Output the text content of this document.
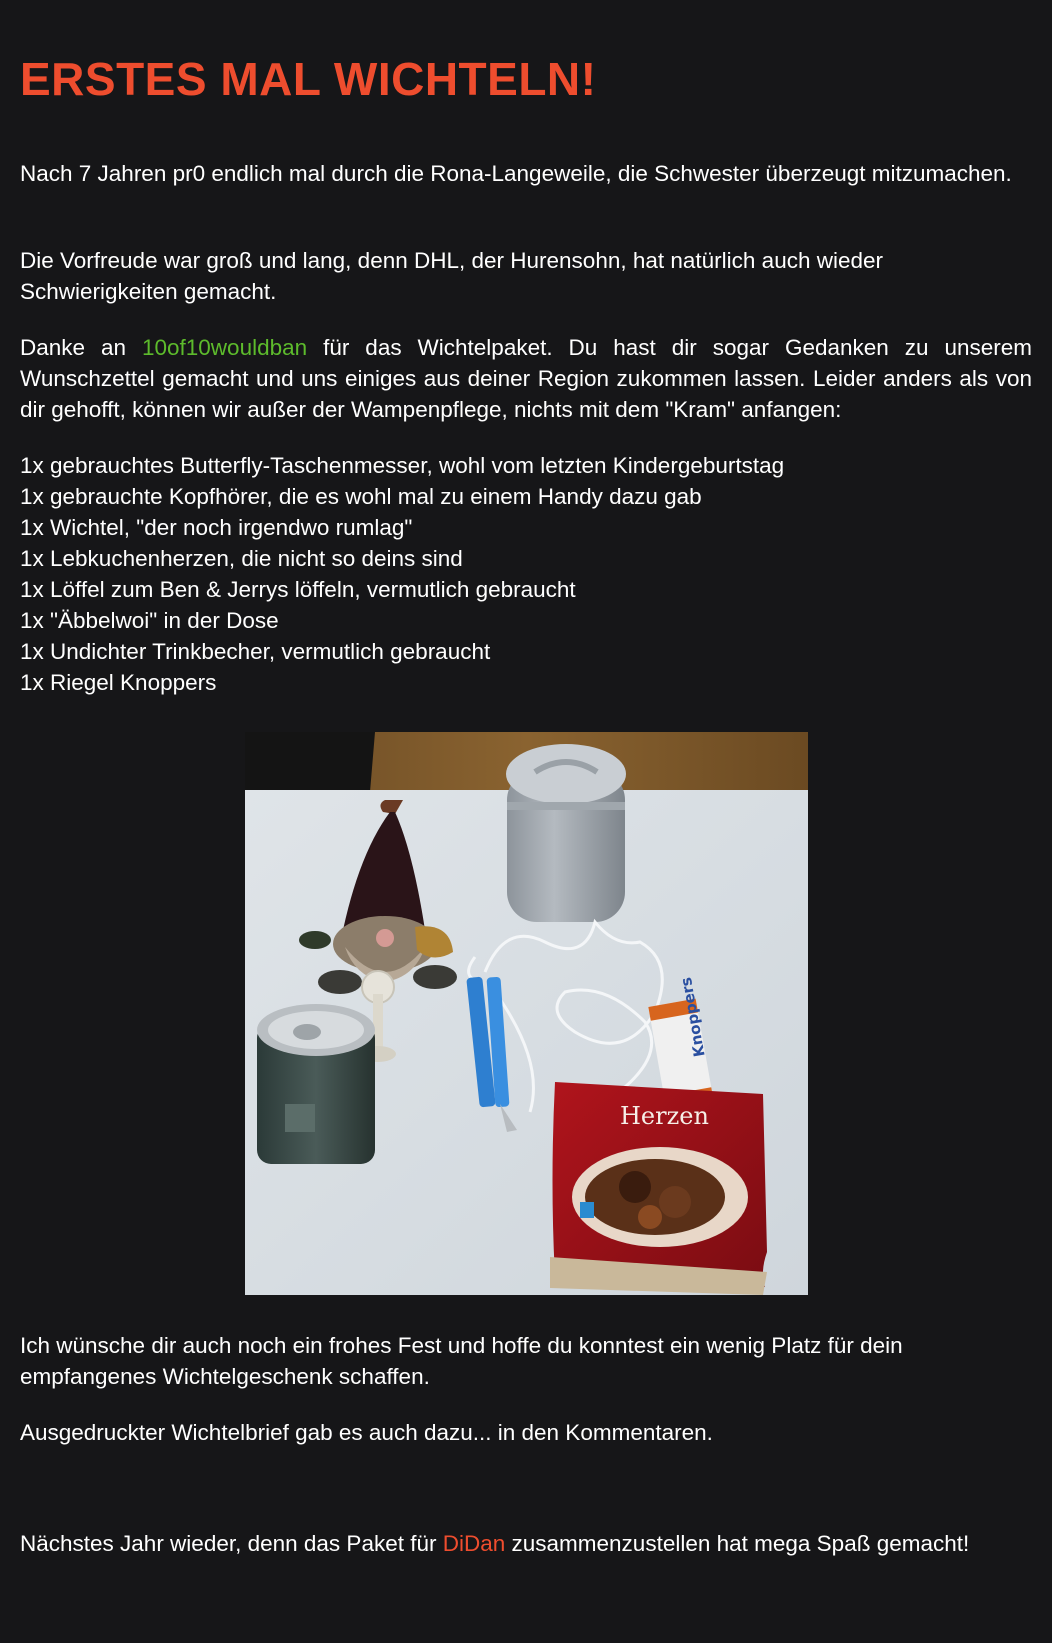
ERSTES MAL WICHTELN!

Nach 7 Jahren pr0 endlich mal durch die Rona-Langeweile, die Schwester überzeugt mitzumachen.

Die Vorfreude war groß und lang, denn DHL, der Hurensohn, hat natürlich auch wieder Schwierigkeiten gemacht.

Danke an 10of10wouldban für das Wichtelpaket. Du hast dir sogar Gedanken zu unserem Wunschzettel gemacht und uns einiges aus deiner Region zukommen lassen. Leider anders als von dir gehofft, können wir außer der Wampenpflege, nichts mit dem "Kram" anfangen:

1x gebrauchtes Butterfly-Taschenmesser, wohl vom letzten Kindergeburtstag
1x gebrauchte Kopfhörer, die es wohl mal zu einem Handy dazu gab
1x Wichtel, "der noch irgendwo rumlag"
1x Lebkuchenherzen, die nicht so deins sind
1x Löffel zum Ben & Jerrys löffeln, vermutlich gebraucht
1x "Äbbelwoi" in der Dose
1x Undichter Trinkbecher, vermutlich gebraucht
1x Riegel Knoppers
Knoppers
Herzen

Ich wünsche dir auch noch ein frohes Fest und hoffe du konntest ein wenig Platz für dein empfangenes Wichtelgeschenk schaffen.

Ausgedruckter Wichtelbrief gab es auch dazu... in den Kommentaren.

Nächstes Jahr wieder, denn das Paket für DiDan zusammenzustellen hat mega Spaß gemacht!
